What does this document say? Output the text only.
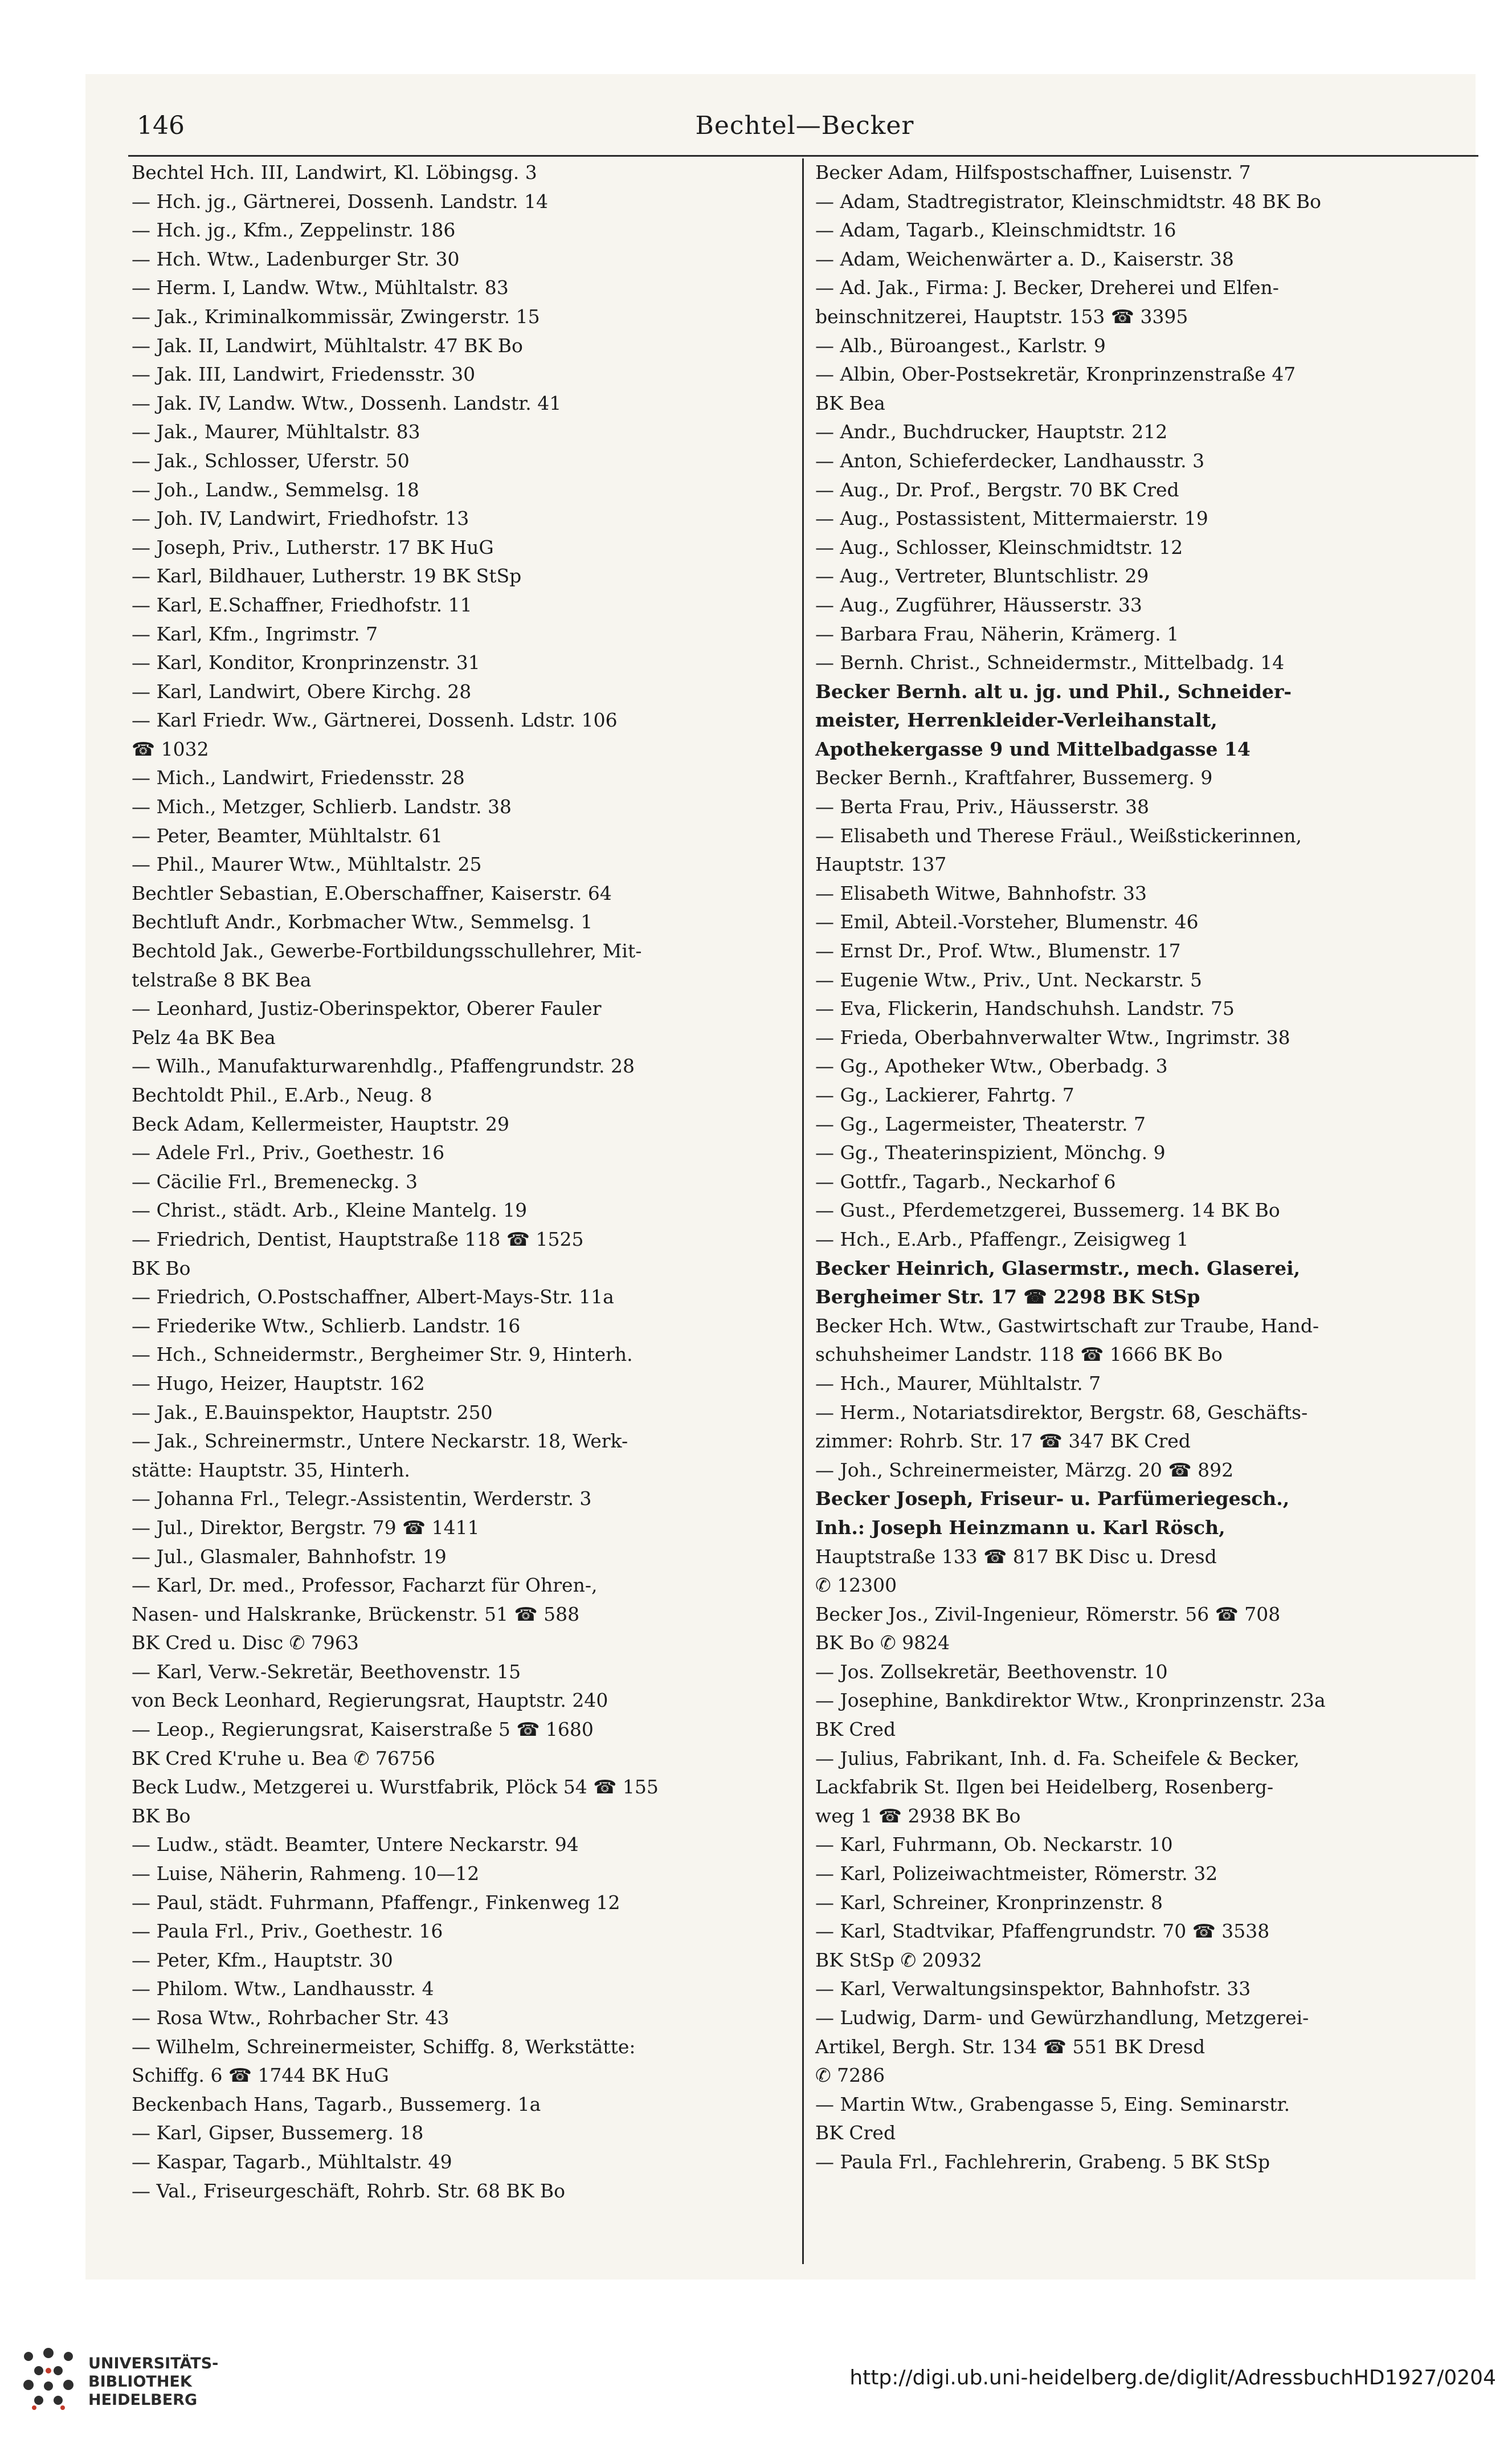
146	Bechtel—Becker

Bechtel Hch. III, Landwirt, Kl. Löbingsg. 3

— Hch. jg., Gärtnerei, Dossenh. Landstr. 14

— Hch. jg., Kfm., Zeppelinstr. 186

— Hch. Wtw., Ladenburger Str. 30

— Herm. I, Landw. Wtw., Mühltalstr. 83

— Jak., Kriminalkommissär, Zwingerstr. 15

— Jak. II, Landwirt, Mühltalstr. 47 BK Bo

— Jak. III, Landwirt, Friedensstr. 30

— Jak. IV, Landw. Wtw., Dossenh. Landstr. 41

— Jak., Maurer, Mühltalstr. 83

— Jak., Schlosser, Uferstr. 50

— Joh., Landw., Semmelsg. 18

— Joh. IV, Landwirt, Friedhofstr. 13

— Joseph, Priv., Lutherstr. 17 BK HuG

— Karl, Bildhauer, Lutherstr. 19 BK StSp

— Karl, E.Schaffner, Friedhofstr. 11

— Karl, Kfm., Ingrimstr. 7

— Karl, Konditor, Kronprinzenstr. 31

— Karl, Landwirt, Obere Kirchg. 28

— Karl Friedr. Ww., Gärtnerei, Dossenh. Ldstr. 106

☎ 1032

— Mich., Landwirt, Friedensstr. 28

— Mich., Metzger, Schlierb. Landstr. 38

— Peter, Beamter, Mühltalstr. 61

— Phil., Maurer Wtw., Mühltalstr. 25

Bechtler Sebastian, E.Oberschaffner, Kaiserstr. 64

Bechtluft Andr., Korbmacher Wtw., Semmelsg. 1

Bechtold Jak., Gewerbe-Fortbildungsschullehrer, Mit-

telstraße 8 BK Bea

— Leonhard, Justiz-Oberinspektor, Oberer Fauler

Pelz 4a BK Bea

— Wilh., Manufakturwarenhdlg., Pfaffengrundstr. 28

Bechtoldt Phil., E.Arb., Neug. 8

Beck Adam, Kellermeister, Hauptstr. 29

— Adele Frl., Priv., Goethestr. 16

— Cäcilie Frl., Bremeneckg. 3

— Christ., städt. Arb., Kleine Mantelg. 19

— Friedrich, Dentist, Hauptstraße 118 ☎ 1525

BK Bo

— Friedrich, O.Postschaffner, Albert-Mays-Str. 11a

— Friederike Wtw., Schlierb. Landstr. 16

— Hch., Schneidermstr., Bergheimer Str. 9, Hinterh.

— Hugo, Heizer, Hauptstr. 162

— Jak., E.Bauinspektor, Hauptstr. 250

— Jak., Schreinermstr., Untere Neckarstr. 18, Werk-

stätte: Hauptstr. 35, Hinterh.

— Johanna Frl., Telegr.-Assistentin, Werderstr. 3

— Jul., Direktor, Bergstr. 79 ☎ 1411

— Jul., Glasmaler, Bahnhofstr. 19

— Karl, Dr. med., Professor, Facharzt für Ohren-,

Nasen- und Halskranke, Brückenstr. 51 ☎ 588

BK Cred u. Disc ✆ 7963

— Karl, Verw.-Sekretär, Beethovenstr. 15

von Beck Leonhard, Regierungsrat, Hauptstr. 240

— Leop., Regierungsrat, Kaiserstraße 5 ☎ 1680

BK Cred K'ruhe u. Bea ✆ 76756

Beck Ludw., Metzgerei u. Wurstfabrik, Plöck 54 ☎ 155

BK Bo

— Ludw., städt. Beamter, Untere Neckarstr. 94

— Luise, Näherin, Rahmeng. 10—12

— Paul, städt. Fuhrmann, Pfaffengr., Finkenweg 12

— Paula Frl., Priv., Goethestr. 16

— Peter, Kfm., Hauptstr. 30

— Philom. Wtw., Landhausstr. 4

— Rosa Wtw., Rohrbacher Str. 43

— Wilhelm, Schreinermeister, Schiffg. 8, Werkstätte:

Schiffg. 6 ☎ 1744 BK HuG

Beckenbach Hans, Tagarb., Bussemerg. 1a

— Karl, Gipser, Bussemerg. 18

— Kaspar, Tagarb., Mühltalstr. 49

— Val., Friseurgeschäft, Rohrb. Str. 68 BK Bo

Becker Adam, Hilfspostschaffner, Luisenstr. 7

— Adam, Stadtregistrator, Kleinschmidtstr. 48 BK Bo

— Adam, Tagarb., Kleinschmidtstr. 16

— Adam, Weichenwärter a. D., Kaiserstr. 38

— Ad. Jak., Firma: J. Becker, Dreherei und Elfen-

beinschnitzerei, Hauptstr. 153 ☎ 3395

— Alb., Büroangest., Karlstr. 9

— Albin, Ober-Postsekretär, Kronprinzenstraße 47

BK Bea

— Andr., Buchdrucker, Hauptstr. 212

— Anton, Schieferdecker, Landhausstr. 3

— Aug., Dr. Prof., Bergstr. 70 BK Cred

— Aug., Postassistent, Mittermaierstr. 19

— Aug., Schlosser, Kleinschmidtstr. 12

— Aug., Vertreter, Bluntschlistr. 29

— Aug., Zugführer, Häusserstr. 33

— Barbara Frau, Näherin, Krämerg. 1

— Bernh. Christ., Schneidermstr., Mittelbadg. 14

Becker Bernh. alt u. jg. und Phil., Schneider-

meister, Herrenkleider-Verleihanstalt,

Apothekergasse 9 und Mittelbadgasse 14

Becker Bernh., Kraftfahrer, Bussemerg. 9

— Berta Frau, Priv., Häusserstr. 38

— Elisabeth und Therese Fräul., Weißstickerinnen,

Hauptstr. 137

— Elisabeth Witwe, Bahnhofstr. 33

— Emil, Abteil.-Vorsteher, Blumenstr. 46

— Ernst Dr., Prof. Wtw., Blumenstr. 17

— Eugenie Wtw., Priv., Unt. Neckarstr. 5

— Eva, Flickerin, Handschuhsh. Landstr. 75

— Frieda, Oberbahnverwalter Wtw., Ingrimstr. 38

— Gg., Apotheker Wtw., Oberbadg. 3

— Gg., Lackierer, Fahrtg. 7

— Gg., Lagermeister, Theaterstr. 7

— Gg., Theaterinspizient, Mönchg. 9

— Gottfr., Tagarb., Neckarhof 6

— Gust., Pferdemetzgerei, Bussemerg. 14 BK Bo

— Hch., E.Arb., Pfaffengr., Zeisigweg 1

Becker Heinrich, Glasermstr., mech. Glaserei,

Bergheimer Str. 17 ☎ 2298 BK StSp

Becker Hch. Wtw., Gastwirtschaft zur Traube, Hand-

schuhsheimer Landstr. 118 ☎ 1666 BK Bo

— Hch., Maurer, Mühltalstr. 7

— Herm., Notariatsdirektor, Bergstr. 68, Geschäfts-

zimmer: Rohrb. Str. 17 ☎ 347 BK Cred

— Joh., Schreinermeister, Märzg. 20 ☎ 892

Becker Joseph, Friseur- u. Parfümeriegesch.,

Inh.: Joseph Heinzmann u. Karl Rösch,

Hauptstraße 133 ☎ 817 BK Disc u. Dresd

✆ 12300

Becker Jos., Zivil-Ingenieur, Römerstr. 56 ☎ 708

BK Bo ✆ 9824

— Jos. Zollsekretär, Beethovenstr. 10

— Josephine, Bankdirektor Wtw., Kronprinzenstr. 23a

BK Cred

— Julius, Fabrikant, Inh. d. Fa. Scheifele & Becker,

Lackfabrik St. Ilgen bei Heidelberg, Rosenberg-

weg 1 ☎ 2938 BK Bo

— Karl, Fuhrmann, Ob. Neckarstr. 10

— Karl, Polizeiwachtmeister, Römerstr. 32

— Karl, Schreiner, Kronprinzenstr. 8

— Karl, Stadtvikar, Pfaffengrundstr. 70 ☎ 3538

BK StSp ✆ 20932

— Karl, Verwaltungsinspektor, Bahnhofstr. 33

— Ludwig, Darm- und Gewürzhandlung, Metzgerei-

Artikel, Bergh. Str. 134 ☎ 551 BK Dresd

✆ 7286

— Martin Wtw., Grabengasse 5, Eing. Seminarstr.

BK Cred

— Paula Frl., Fachlehrerin, Grabeng. 5 BK StSp

UNIVERSITÄTS-
BIBLIOTHEK
HEIDELBERG
http://digi.ub.uni-heidelberg.de/diglit/AdressbuchHD1927/0204
